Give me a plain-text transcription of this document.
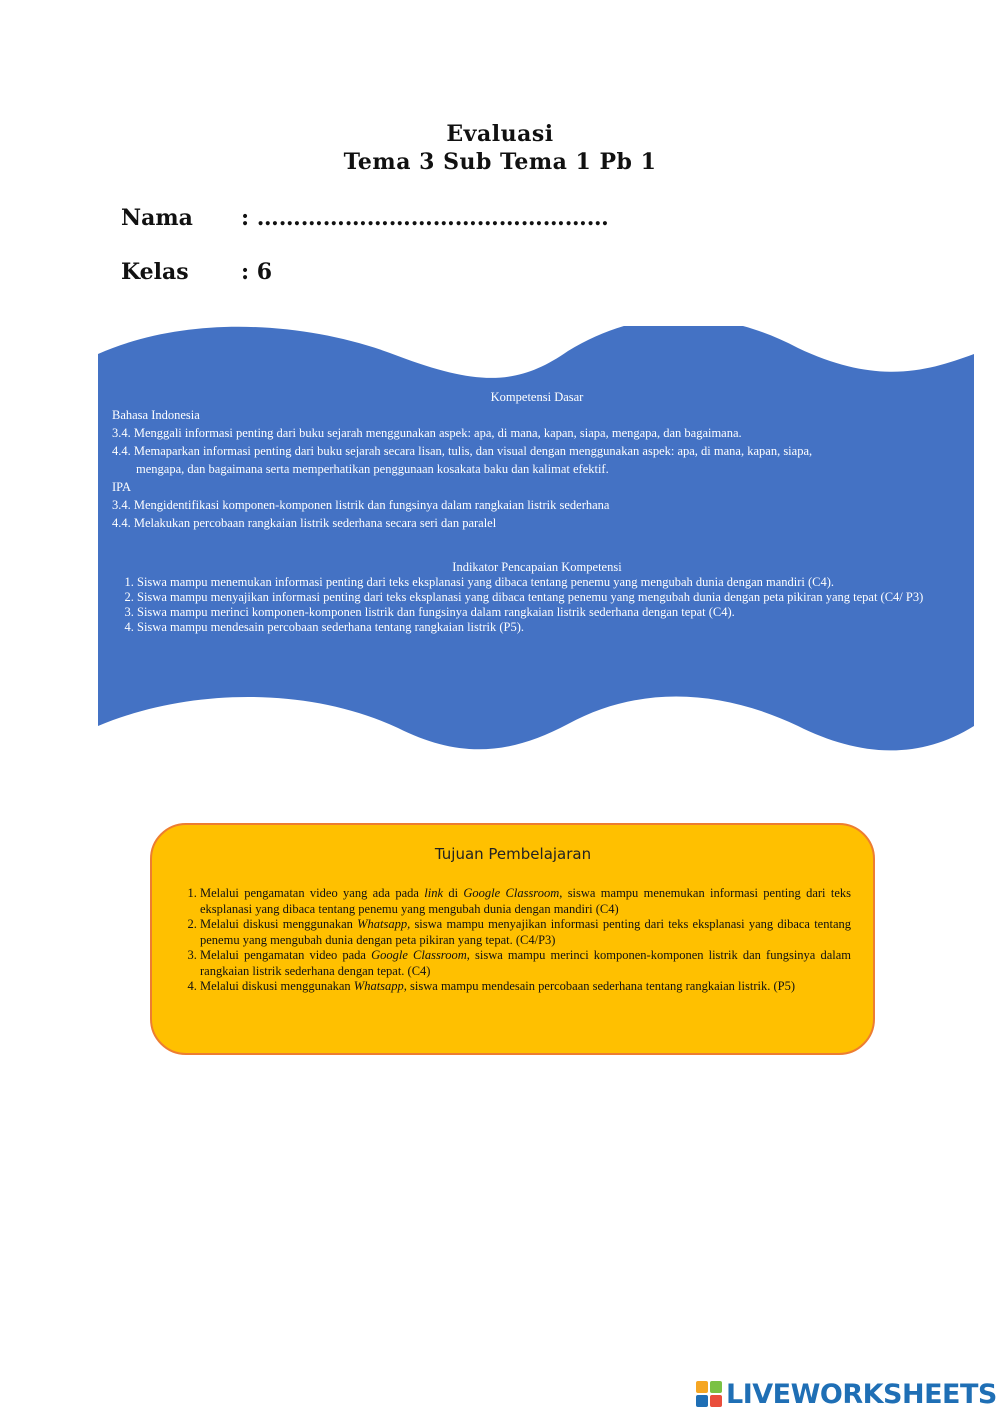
Evaluasi
Tema 3 Sub Tema 1 Pb 1
Nama : …………………………………………
Kelas : 6
Kompetensi Dasar
Bahasa Indonesia
3.4. Menggali informasi penting dari buku sejarah menggunakan aspek: apa, di mana, kapan, siapa, mengapa, dan bagaimana.
4.4. Memaparkan informasi penting dari buku sejarah secara lisan, tulis, dan visual dengan menggunakan aspek: apa, di mana, kapan, siapa,
mengapa, dan bagaimana serta memperhatikan penggunaan kosakata baku dan kalimat efektif.
IPA
3.4. Mengidentifikasi komponen-komponen listrik dan fungsinya dalam rangkaian listrik sederhana
4.4. Melakukan percobaan rangkaian listrik sederhana secara seri dan paralel
Indikator Pencapaian Kompetensi
1. Siswa mampu menemukan informasi penting dari teks eksplanasi yang dibaca tentang penemu yang mengubah dunia dengan mandiri (C4).
2. Siswa mampu menyajikan informasi penting dari teks eksplanasi yang dibaca tentang penemu yang mengubah dunia dengan peta pikiran yang tepat (C4/ P3)
3. Siswa mampu merinci komponen-komponen listrik dan fungsinya dalam rangkaian listrik sederhana dengan tepat (C4).
4. Siswa mampu mendesain percobaan sederhana tentang rangkaian listrik (P5).
Tujuan Pembelajaran
1. Melalui pengamatan video yang ada pada link di Google Classroom, siswa mampu menemukan informasi penting dari teks eksplanasi yang dibaca tentang penemu yang mengubah dunia dengan mandiri (C4)
2. Melalui diskusi menggunakan Whatsapp, siswa mampu menyajikan informasi penting dari teks eksplanasi yang dibaca tentang penemu yang mengubah dunia dengan peta pikiran yang tepat. (C4/P3)
3. Melalui pengamatan video pada Google Classroom, siswa mampu merinci komponen-komponen listrik dan fungsinya dalam rangkaian listrik sederhana dengan tepat. (C4)
4. Melalui diskusi menggunakan Whatsapp, siswa mampu mendesain percobaan sederhana tentang rangkaian listrik. (P5)
LIVEWORKSHEETS
